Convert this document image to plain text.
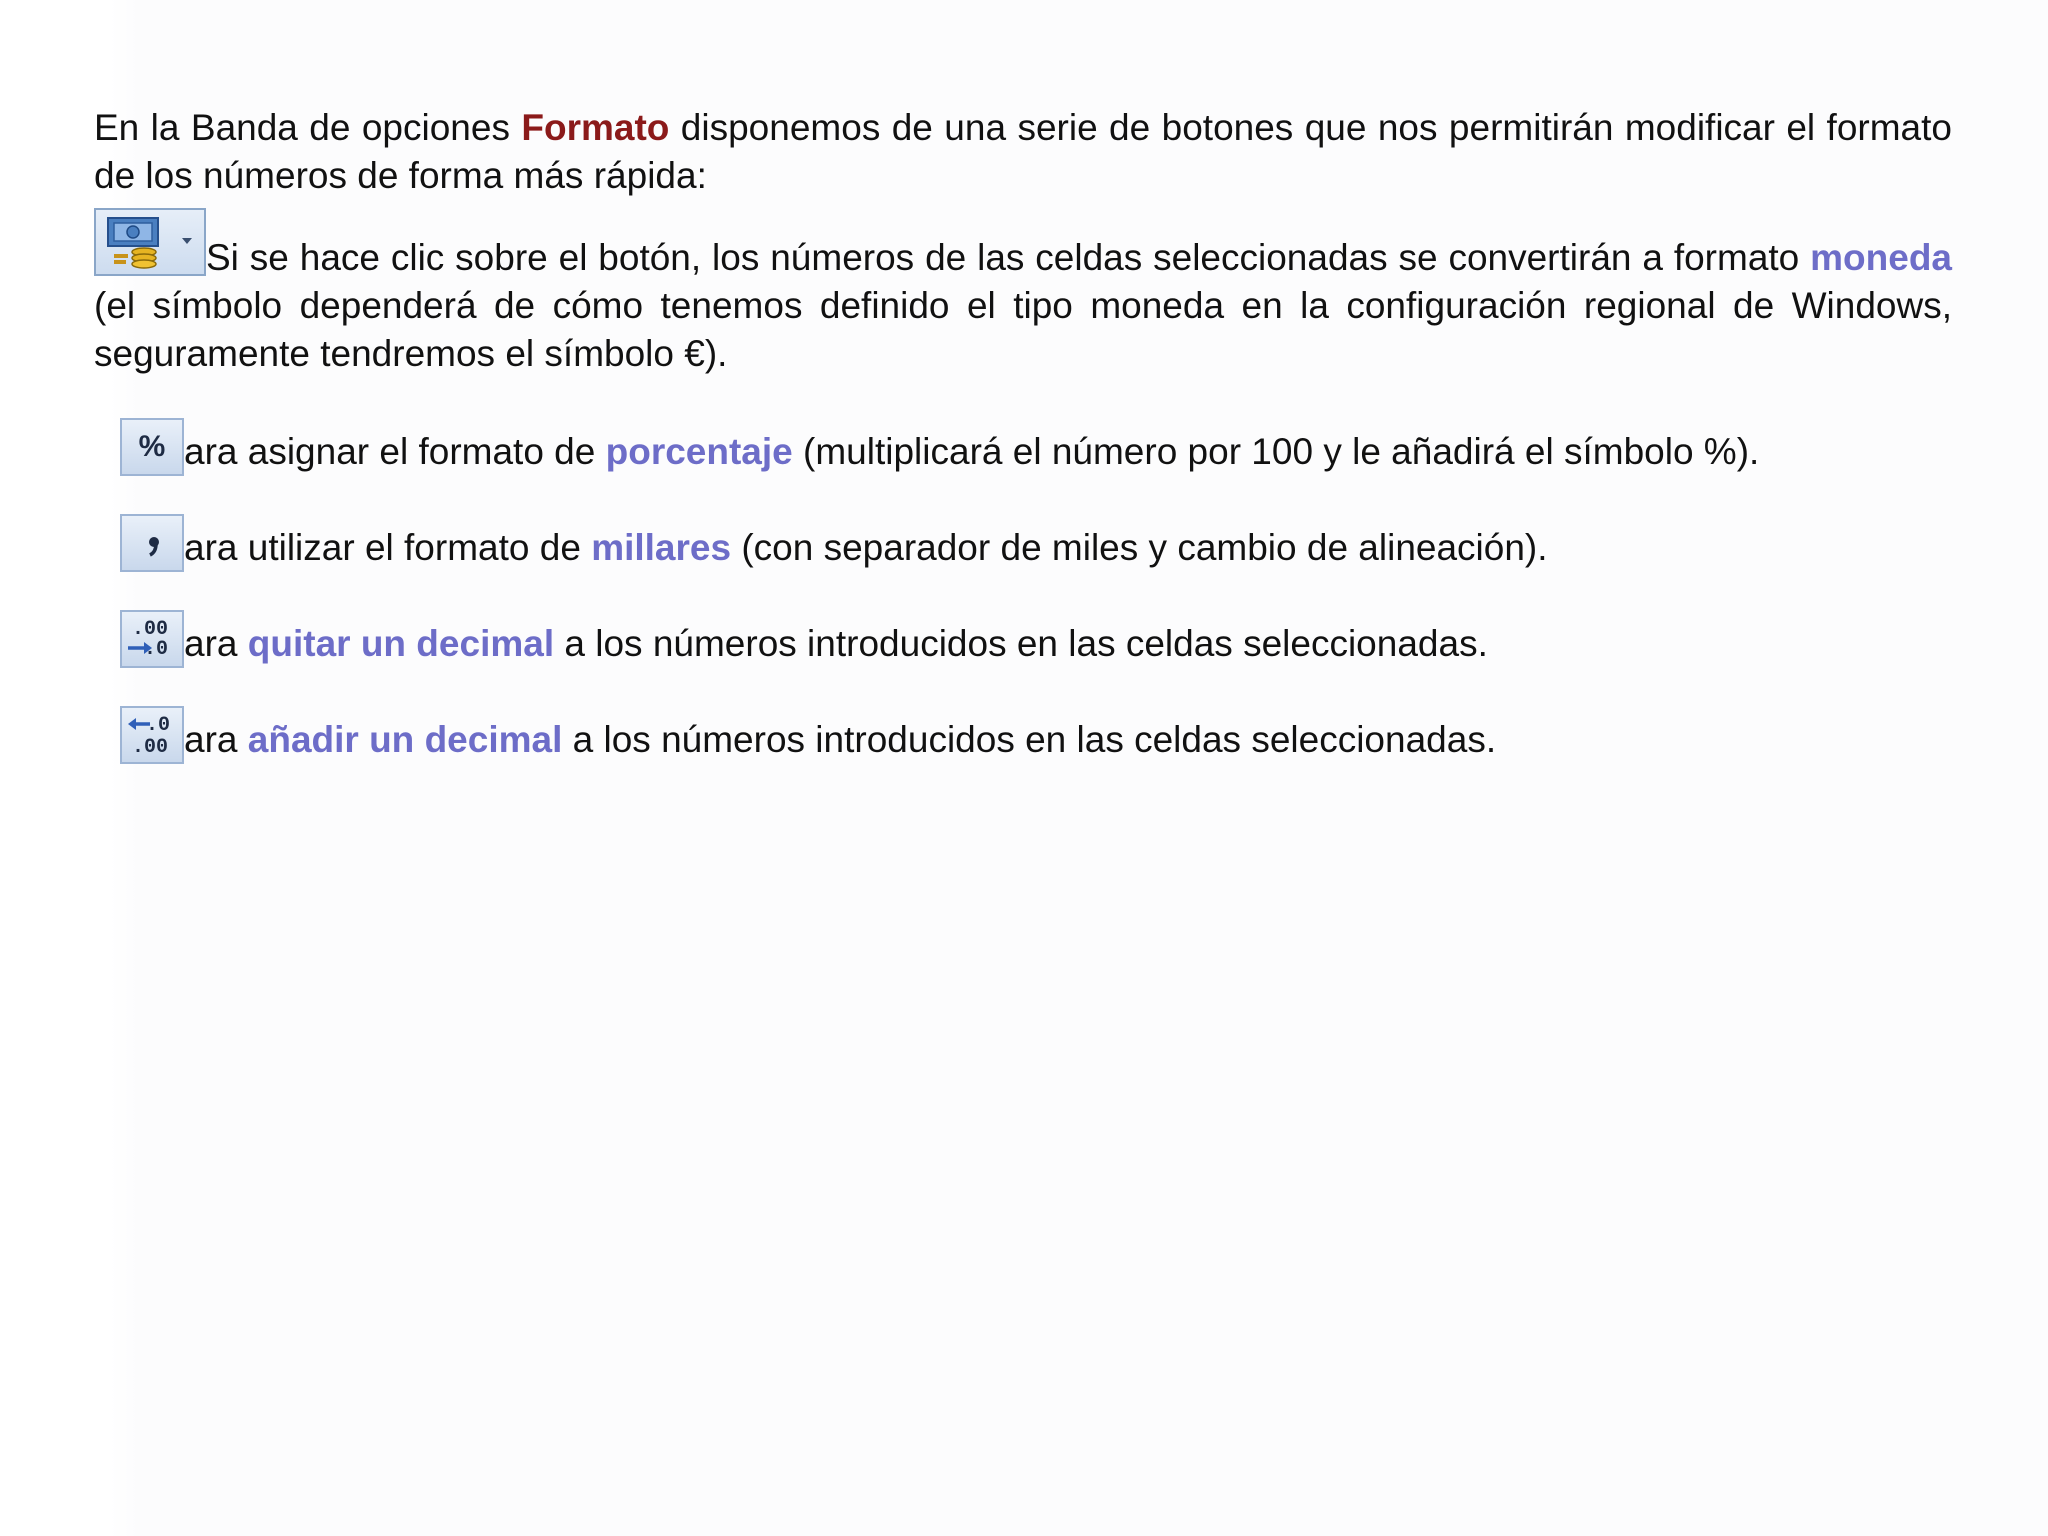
En la Banda de opciones Formato disponemos de una serie de botones que nos permitirán modificar el formato de los números de forma más rápida:

Si se hace clic sobre el botón, los números de las celdas seleccionadas se convertirán a formato moneda (el símbolo dependerá de cómo tenemos definido el tipo moneda en la configuración regional de Windows, seguramente tendremos el símbolo €).

% ara asignar el formato de porcentaje (multiplicará el número por 100 y le añadirá el símbolo %).
ara utilizar el formato de millares (con separador de miles y cambio de alineación).
.00
.0 ara quitar un decimal a los números introducidos en las celdas seleccionadas.
.0
.00 ara añadir un decimal a los números introducidos en las celdas seleccionadas.
